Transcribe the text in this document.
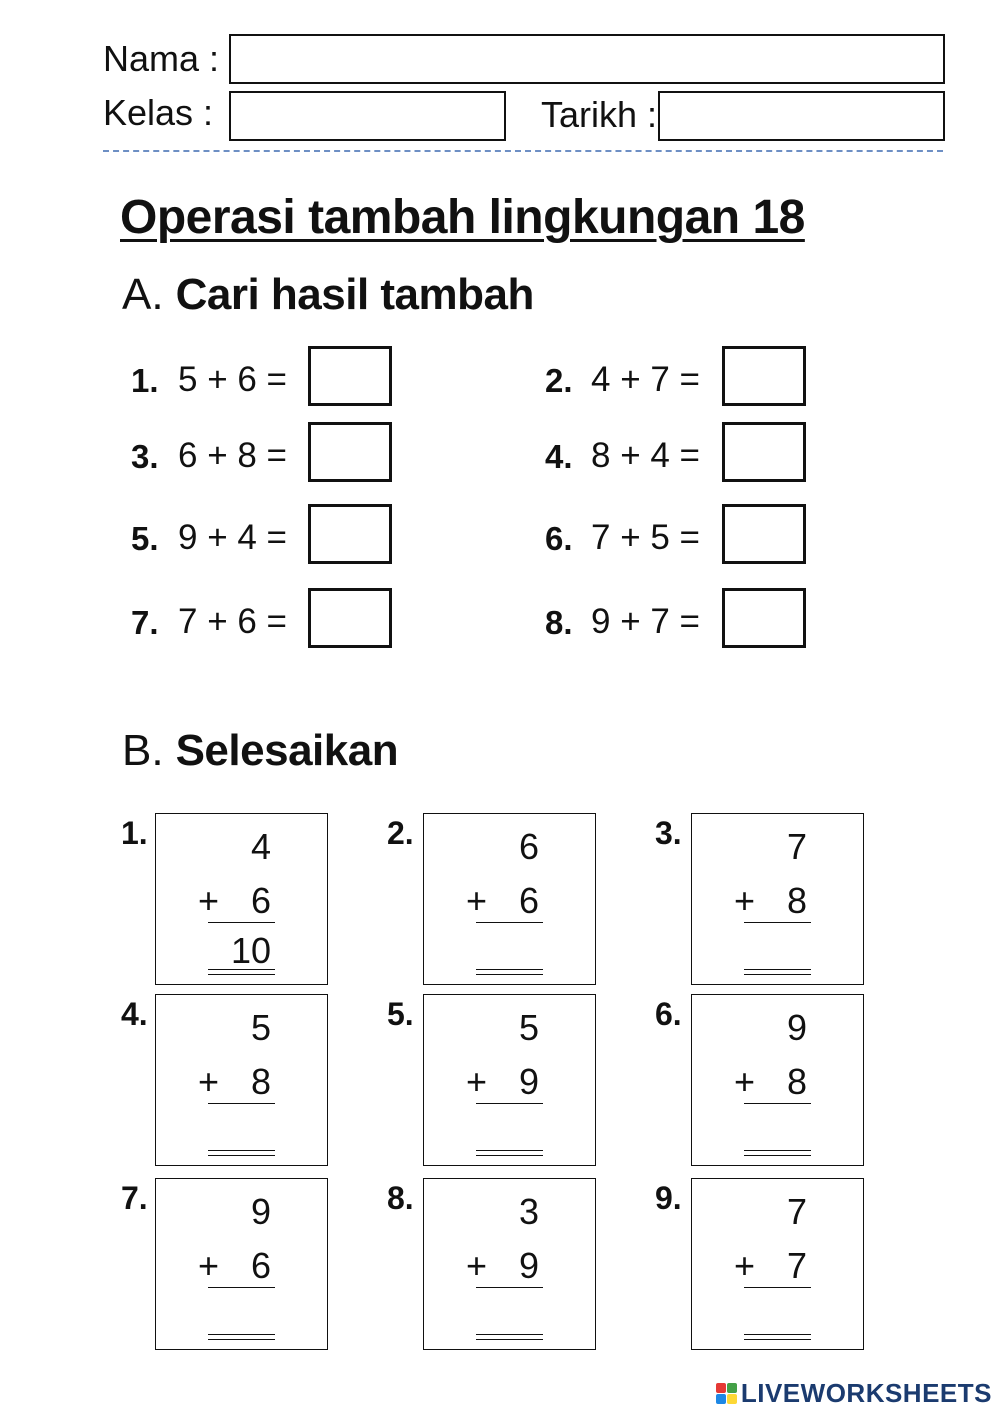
Nama :
Kelas :	Tarikh :
Operasi tambah lingkungan 18
A. Cari hasil tambah
1. 5 + 6 =	2. 4 + 7 =
3. 6 + 8 =	4. 8 + 4 =
5. 9 + 4 =	6. 7 + 5 =
7. 7 + 6 =	8. 9 + 7 =
B. Selesaikan
1.	4
+ 6
10
2.	6
+ 6
3.	7
+ 8
4.	5
+ 8
5.	5
+ 9
6.	9
+ 8
7.	9
+ 6
8.	3
+ 9
9.	7
+ 7
LIVEWORKSHEETS
